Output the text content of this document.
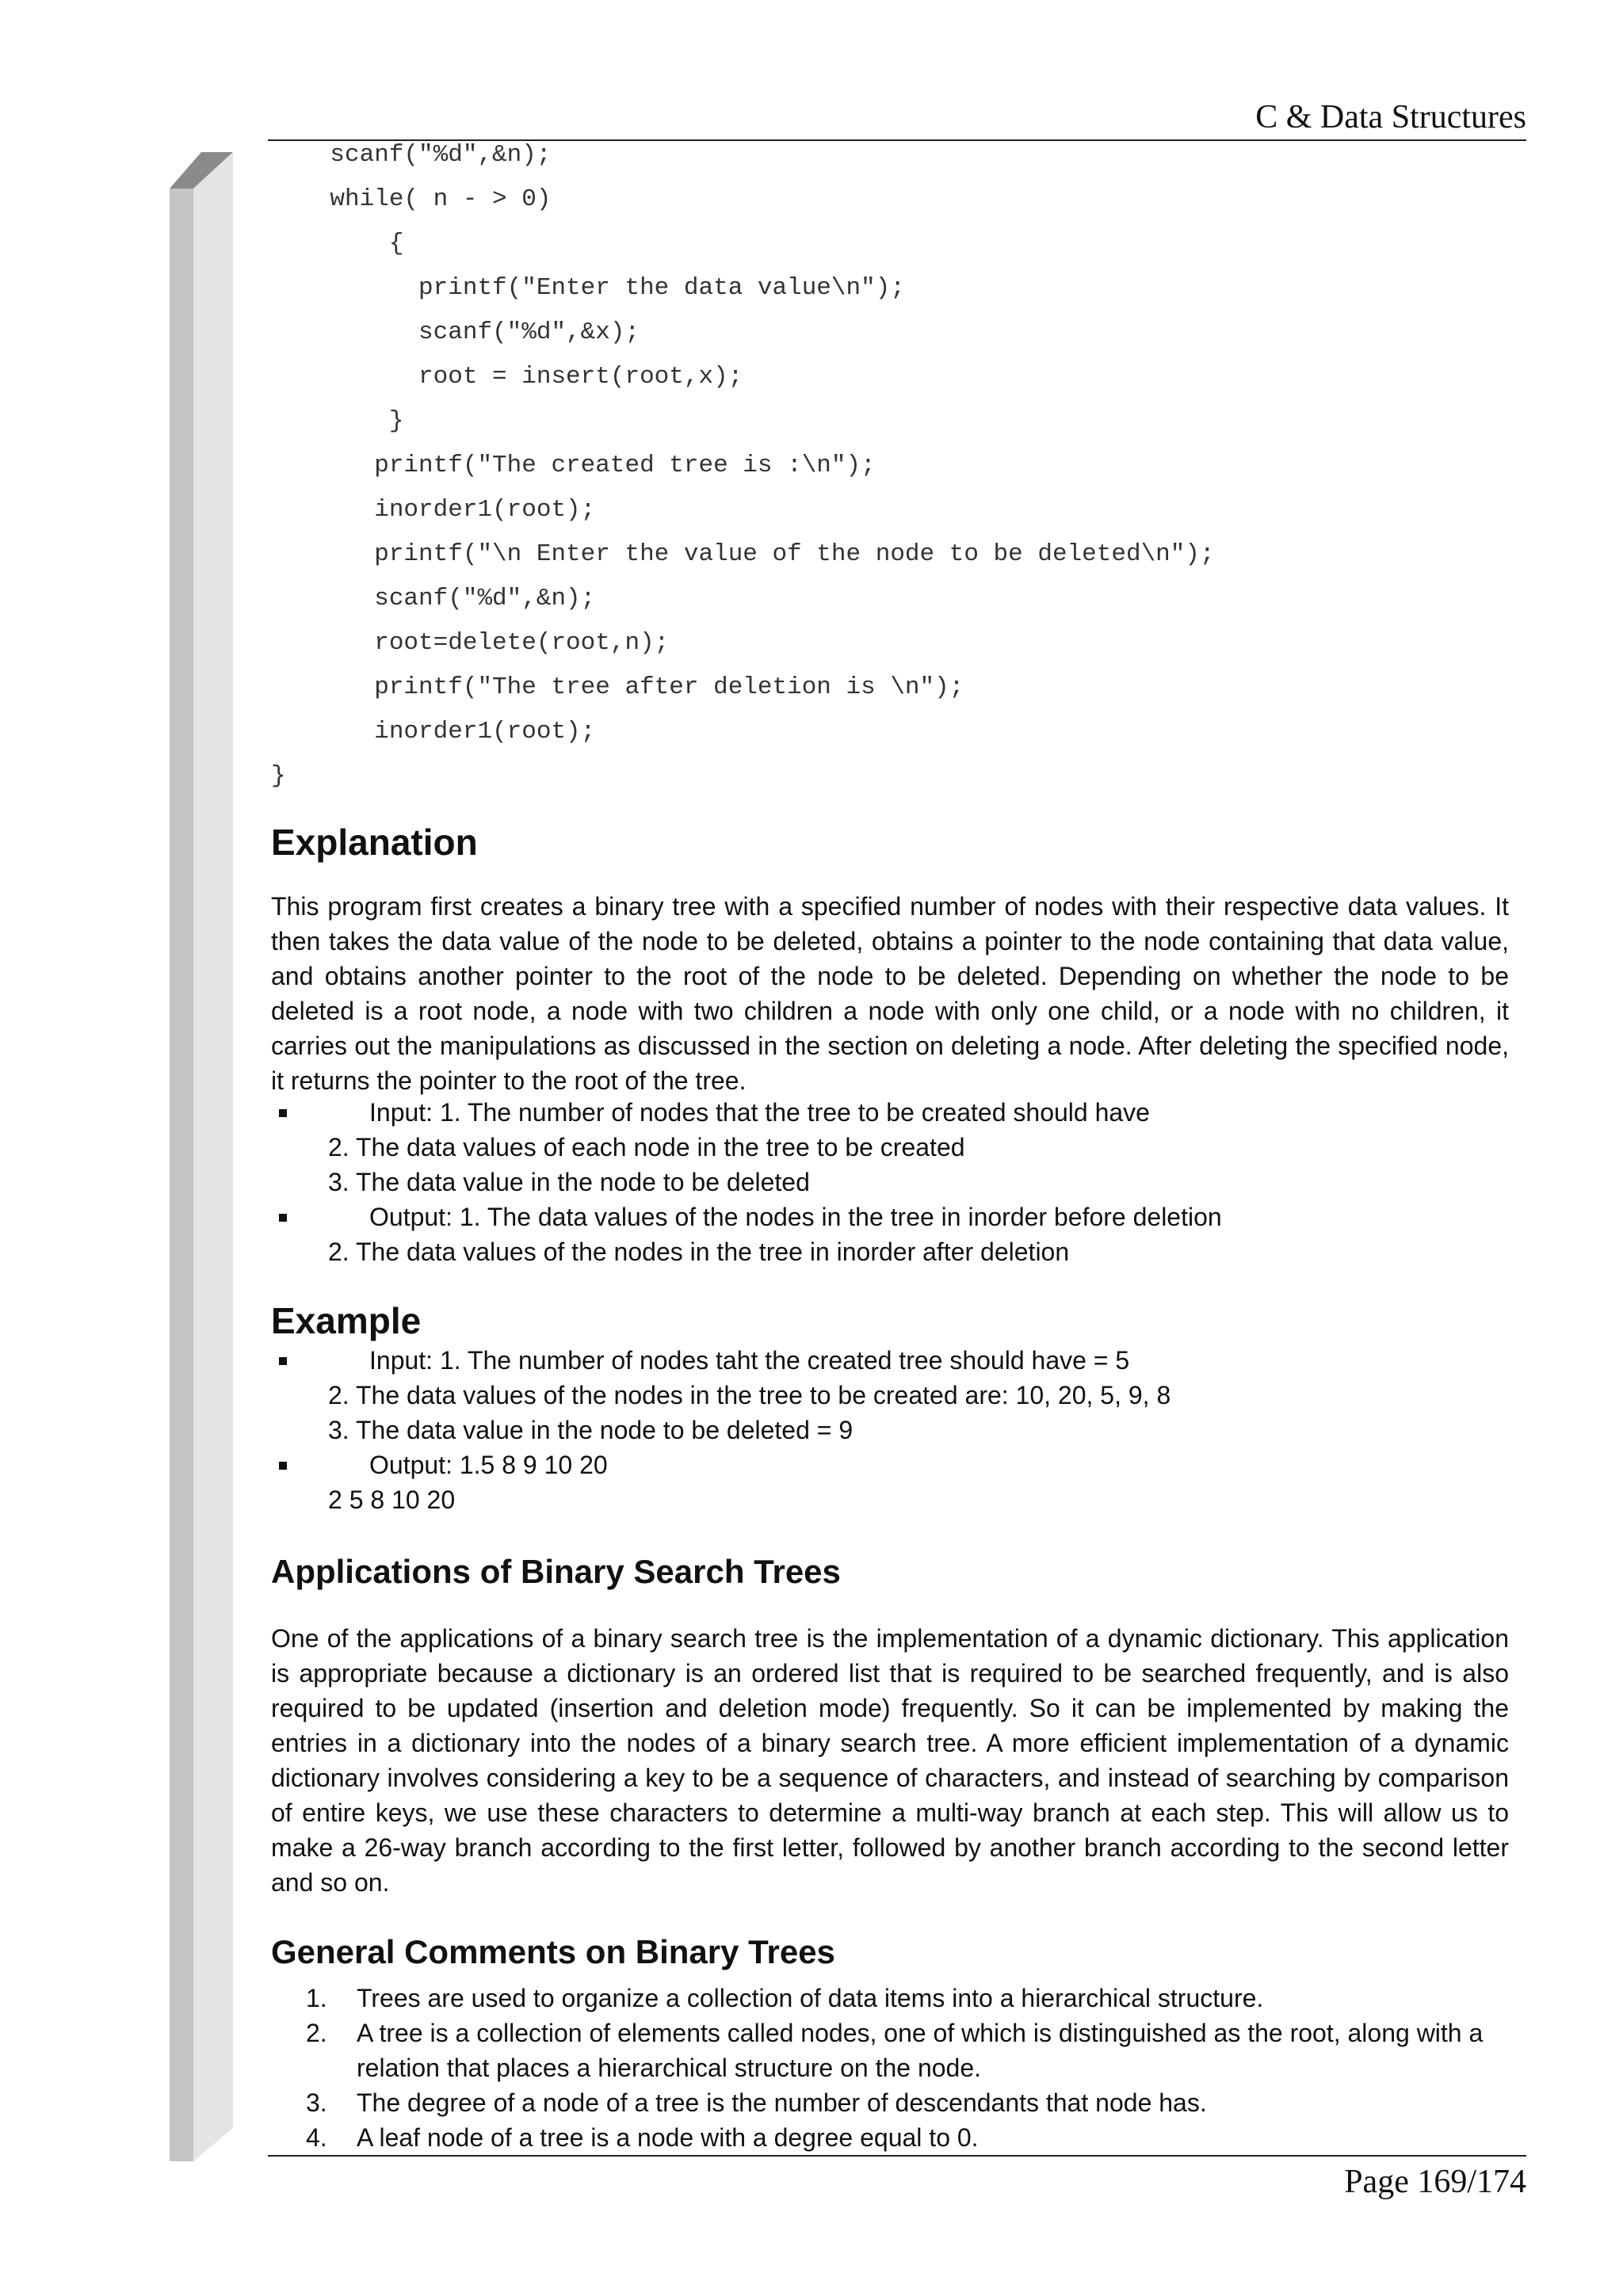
C & Data Structures
scanf("%d",&n);
while( n - > 0)
{
printf("Enter the data value\n");
scanf("%d",&x);
root = insert(root,x);
}
printf("The created tree is :\n");
inorder1(root);
printf("\n Enter the value of the node to be deleted\n");
scanf("%d",&n);
root=delete(root,n);
printf("The tree after deletion is \n");
inorder1(root);
}
Explanation

This program first creates a binary tree with a specified number of nodes with their respective data values. It then takes the data value of the node to be deleted, obtains a pointer to the node containing that data value, and obtains another pointer to the root of the node to be deleted. Depending on whether the node to be deleted is a root node, a node with two children a node with only one child, or a node with no children, it carries out the manipulations as discussed in the section on deleting a node. After deleting the specified node, it returns the pointer to the root of the tree.

Input: 1. The number of nodes that the tree to be created should have
2. The data values of each node in the tree to be created
3. The data value in the node to be deleted
Output: 1. The data values of the nodes in the tree in inorder before deletion
2. The data values of the nodes in the tree in inorder after deletion
Example
Input: 1. The number of nodes taht the created tree should have = 5
2. The data values of the nodes in the tree to be created are: 10, 20, 5, 9, 8
3. The data value in the node to be deleted = 9
Output: 1.5 8 9 10 20
2 5 8 10 20
Applications of Binary Search Trees

One of the applications of a binary search tree is the implementation of a dynamic dictionary. This application is appropriate because a dictionary is an ordered list that is required to be searched frequently, and is also required to be updated (insertion and deletion mode) frequently. So it can be implemented by making the entries in a dictionary into the nodes of a binary search tree. A more efficient implementation of a dynamic dictionary involves considering a key to be a sequence of characters, and instead of searching by comparison of entire keys, we use these characters to determine a multi-way branch at each step. This will allow us to make a 26-way branch according to the first letter, followed by another branch according to the second letter and so on.

General Comments on Binary Trees
1. Trees are used to organize a collection of data items into a hierarchical structure.
2. A tree is a collection of elements called nodes, one of which is distinguished as the root, along with a relation that places a hierarchical structure on the node.
3. The degree of a node of a tree is the number of descendants that node has.
4. A leaf node of a tree is a node with a degree equal to 0.
Page 169/174
